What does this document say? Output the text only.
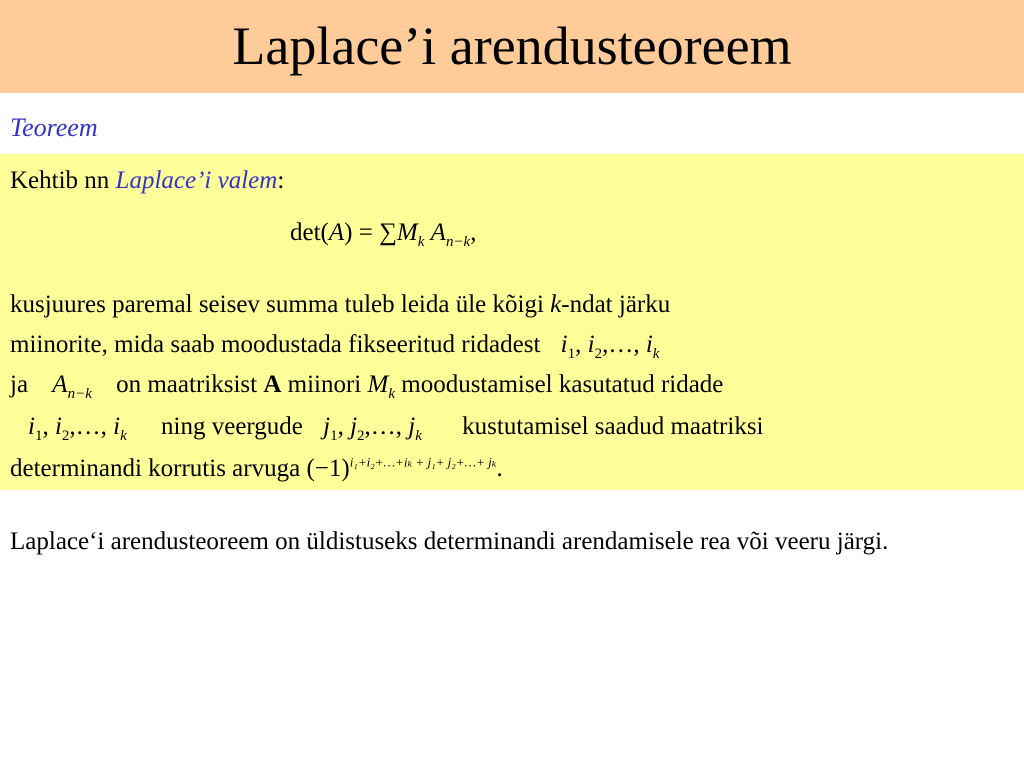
Laplace’i arendusteoreem
Teoreem
Kehtib nn Laplace’i valem:
$\det(A) = \sum M_k$ $A_{n-k}$,
kusjuures paremal seisev summa tuleb leida üle kõigi k-ndat järku
miinorite, mida saab moodustada fikseeritud ridadest $i_1$, $i_2,\dots$, $i_k$
ja $A_{n-k}$ on maatriksist A miinori $M_k$ moodustamisel kasutatud ridade
$i_1$, $i_2,\dots$, $i_k$ ning veergude $j_1$, $j_2,\dots$, $j_k$ kustutamisel saadud maatriksi
determinandi korrutis arvuga $(-1)^{i_1+i_2+\dots+i_k + j_1+ j_2+\dots+ j_k}$.
Laplace‘i arendusteoreem on üldistuseks determinandi arendamisele rea või veeru järgi.
